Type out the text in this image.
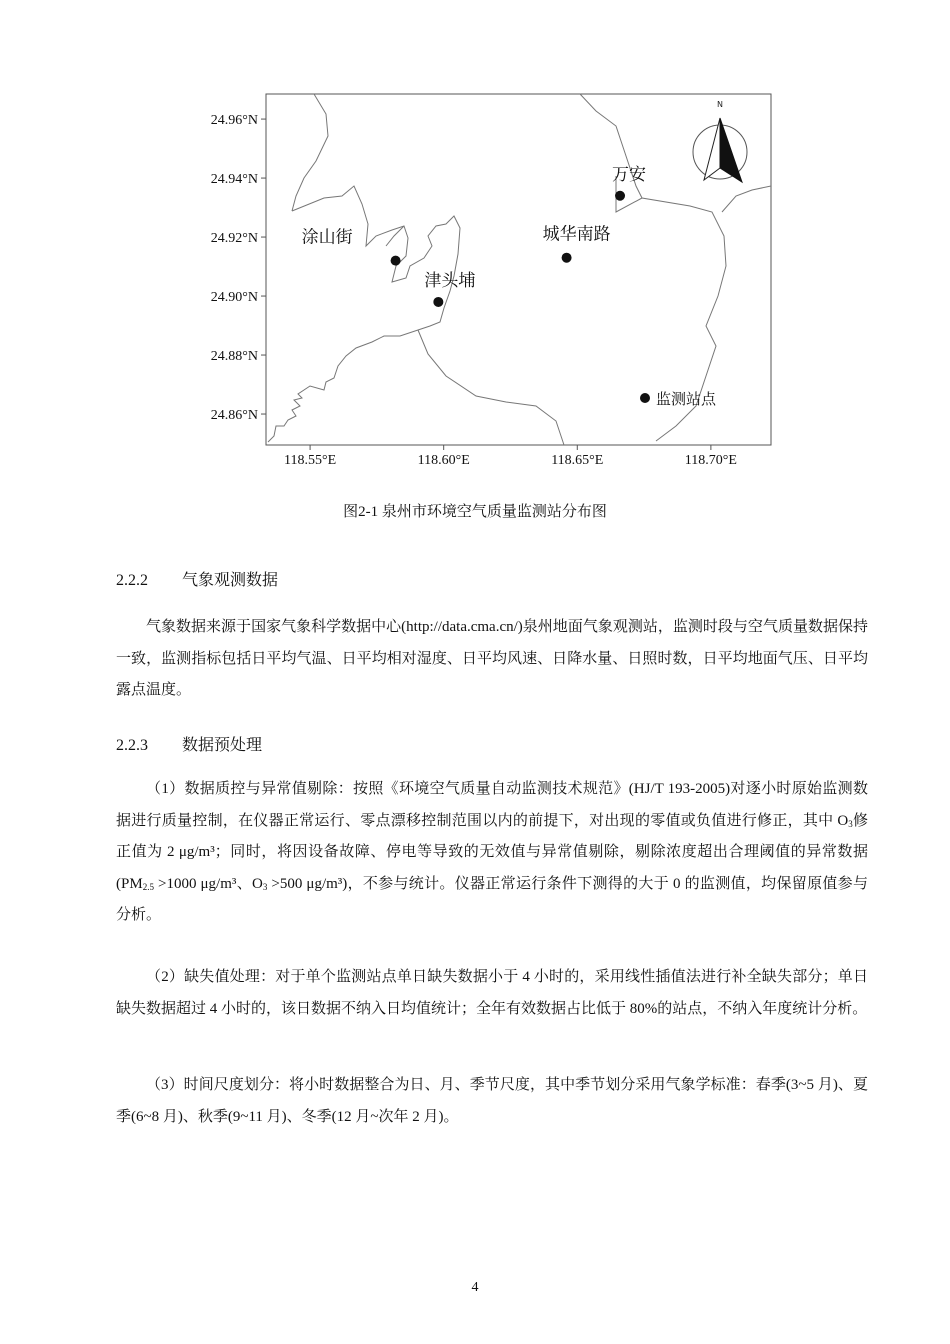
N
24.96°N
24.94°N
24.92°N
24.90°N
24.88°N
24.86°N
118.55°E	118.60°E	118.65°E	118.70°E
万安
城华南路
涂山街
津头埔
监测站点
图2-1 泉州市环境空气质量监测站分布图
2.2.2 气象观测数据
气象数据来源于国家气象科学数据中心(http://data.cma.cn/)泉州地面气象观测站，监测时段与空气质量数据保持一致，监测指标包括日平均气温、日平均相对湿度、日平均风速、日降水量、日照时数，日平均地面气压、日平均露点温度。
2.2.3 数据预处理
（1）数据质控与异常值剔除：按照《环境空气质量自动监测技术规范》(HJ/T 193-2005)对逐小时原始监测数据进行质量控制，在仪器正常运行、零点漂移控制范围以内的前提下，对出现的零值或负值进行修正，其中 $O_3$修正值为 2 μg/m³；同时，将因设备故障、停电等导致的无效值与异常值剔除，剔除浓度超出合理阈值的异常数据($PM_{2.5} >1000$ μg/m³、$O_3 >500$ μg/m³)，不参与统计。仪器正常运行条件下测得的大于 0 的监测值，均保留原值参与分析。
（2）缺失值处理：对于单个监测站点单日缺失数据小于 4 小时的，采用线性插值法进行补全缺失部分；单日缺失数据超过 4 小时的，该日数据不纳入日均值统计；全年有效数据占比低于 80%的站点，不纳入年度统计分析。
（3）时间尺度划分：将小时数据整合为日、月、季节尺度，其中季节划分采用气象学标准：春季(3~5 月)、夏季(6~8 月)、秋季(9~11 月)、冬季(12 月~次年 2 月)。
4
